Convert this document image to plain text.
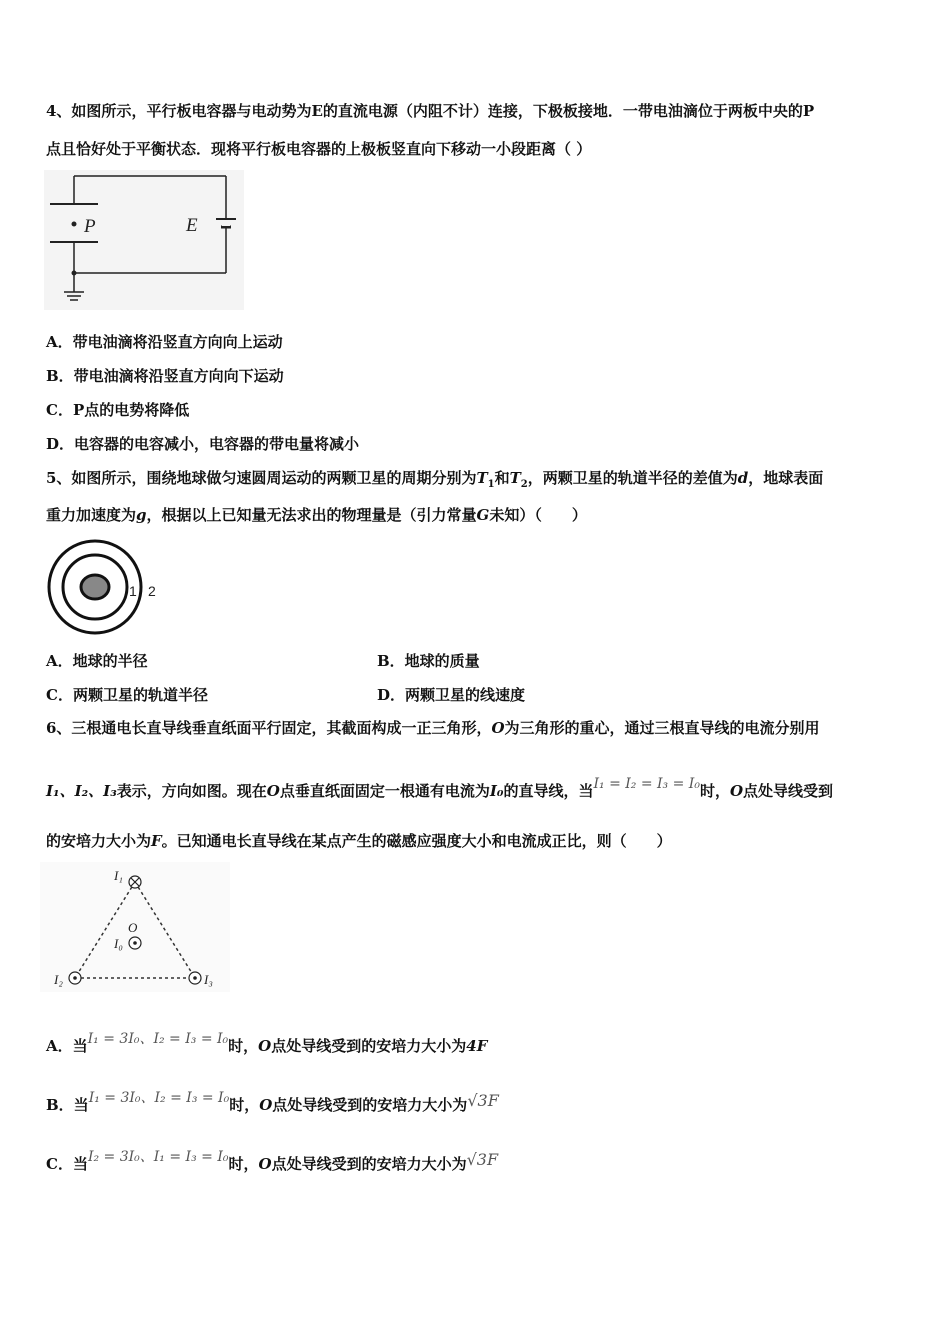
4、如图所示，平行板电容器与电动势为E的直流电源（内阻不计）连接，下极板接地．一带电油滴位于两板中央的P
点且恰好处于平衡状态．现将平行板电容器的上极板竖直向下移动一小段距离（ ）
P	E
A．带电油滴将沿竖直方向向上运动
B．带电油滴将沿竖直方向向下运动
C．P点的电势将降低
D．电容器的电容减小，电容器的带电量将减小
5、如图所示，围绕地球做匀速圆周运动的两颗卫星的周期分别为$T_1$和$T_2$，两颗卫星的轨道半径的差值为d，地球表面
重力加速度为g，根据以上已知量无法求出的物理量是（引力常量G未知）（　　）
1 2
A．地球的半径	B．地球的质量
C．两颗卫星的轨道半径	D．两颗卫星的线速度
6、三根通电长直导线垂直纸面平行固定，其截面构成一正三角形，O为三角形的重心，通过三根直导线的电流分别用
I₁、I₂、I₃表示，方向如图。现在O点垂直纸面固定一根通有电流为I₀的直导线，当I₁ = I₂ = I₃ = I₀时，O点处导线受到
的安培力大小为F。已知通电长直导线在某点产生的磁感应强度大小和电流成正比，则（　　）
I₁
I₂	I₃
O
I₀
A．当I₁ = 3I₀、I₂ = I₃ = I₀时，O点处导线受到的安培力大小为4F
B．当I₁ = 3I₀、I₂ = I₃ = I₀时，O点处导线受到的安培力大小为√3F
C．当I₂ = 3I₀、I₁ = I₃ = I₀时，O点处导线受到的安培力大小为√3F
